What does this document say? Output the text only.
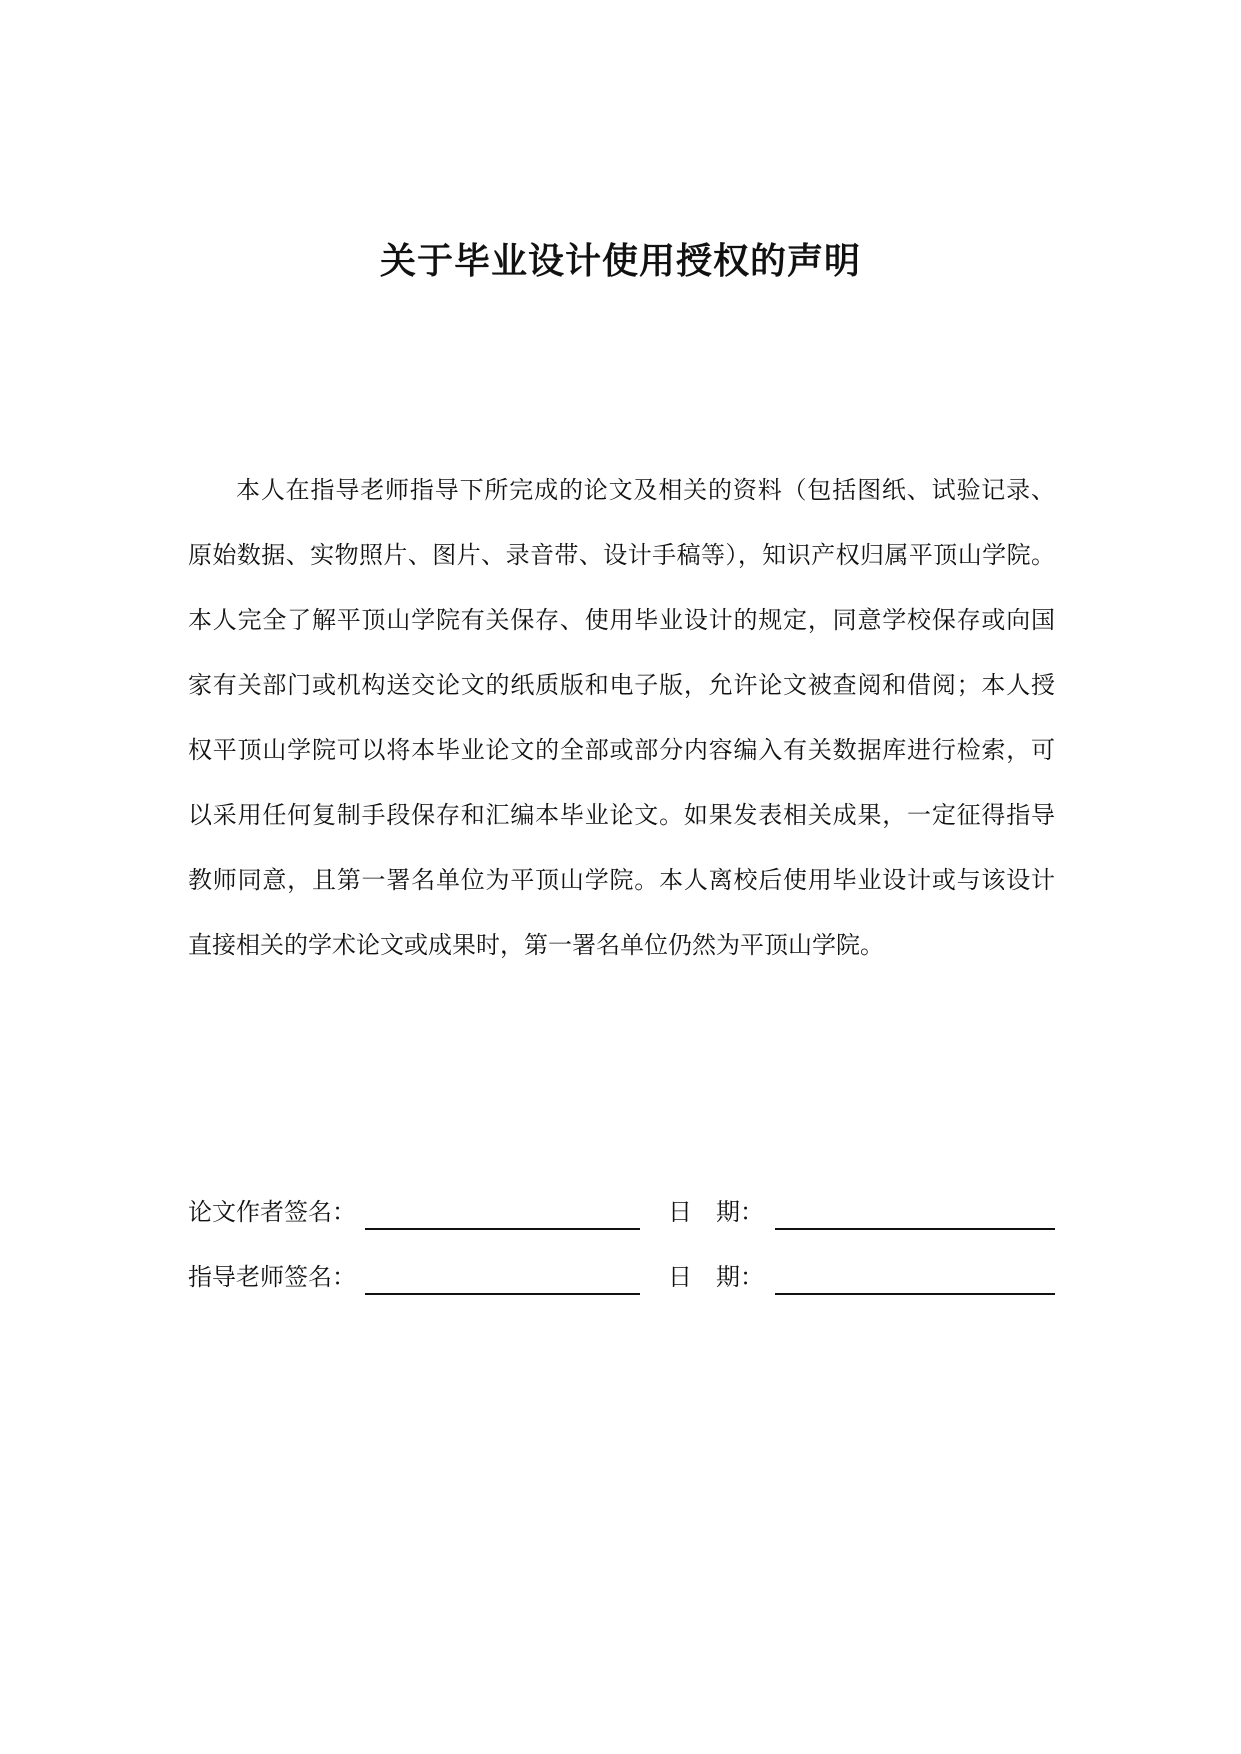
关于毕业设计使用授权的声明
本人在指导老师指导下所完成的论文及相关的资料（包括图纸、试验记录、
原始数据、实物照片、图片、录音带、设计手稿等），知识产权归属平顶山学院。
本人完全了解平顶山学院有关保存、使用毕业设计的规定，同意学校保存或向国
家有关部门或机构送交论文的纸质版和电子版，允许论文被查阅和借阅；本人授
权平顶山学院可以将本毕业论文的全部或部分内容编入有关数据库进行检索，可
以采用任何复制手段保存和汇编本毕业论文。如果发表相关成果，一定征得指导
教师同意，且第一署名单位为平顶山学院。本人离校后使用毕业设计或与该设计
直接相关的学术论文或成果时，第一署名单位仍然为平顶山学院。
论文作者签名：	日　期：
指导老师签名：	日　期：
